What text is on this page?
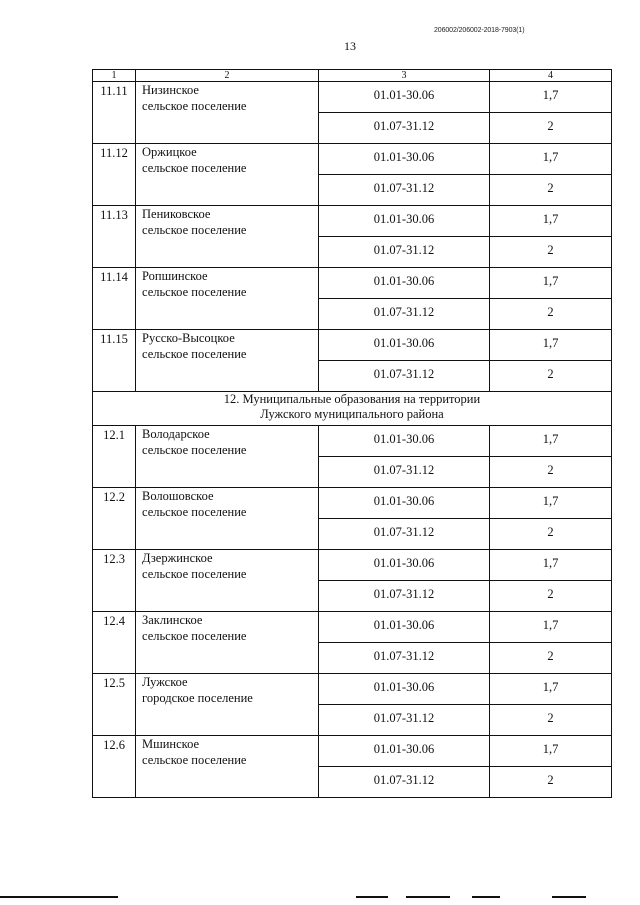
206002/206002-2018-7903(1)
13
1	2	3	4
11.11	Низинское
сельское поселение	01.01-30.06	1,7
		01.07-31.12	2
11.12	Оржицкое
сельское поселение	01.01-30.06	1,7
		01.07-31.12	2
11.13	Пениковское
сельское поселение	01.01-30.06	1,7
		01.07-31.12	2
11.14	Ропшинское
сельское поселение	01.01-30.06	1,7
		01.07-31.12	2
11.15	Русско-Высоцкое
сельское поселение	01.01-30.06	1,7
		01.07-31.12	2

12. Муниципальные образования на территории
Лужского муниципального района			

12.1	Володарское
сельское поселение	01.01-30.06	1,7
		01.07-31.12	2
12.2	Волошовское
сельское поселение	01.01-30.06	1,7
		01.07-31.12	2
12.3	Дзержинское
сельское поселение	01.01-30.06	1,7
		01.07-31.12	2
12.4	Заклинское
сельское поселение	01.01-30.06	1,7
		01.07-31.12	2
12.5	Лужское
городское поселение	01.01-30.06	1,7
		01.07-31.12	2
12.6	Мшинское
сельское поселение	01.01-30.06	1,7
		01.07-31.12	2
